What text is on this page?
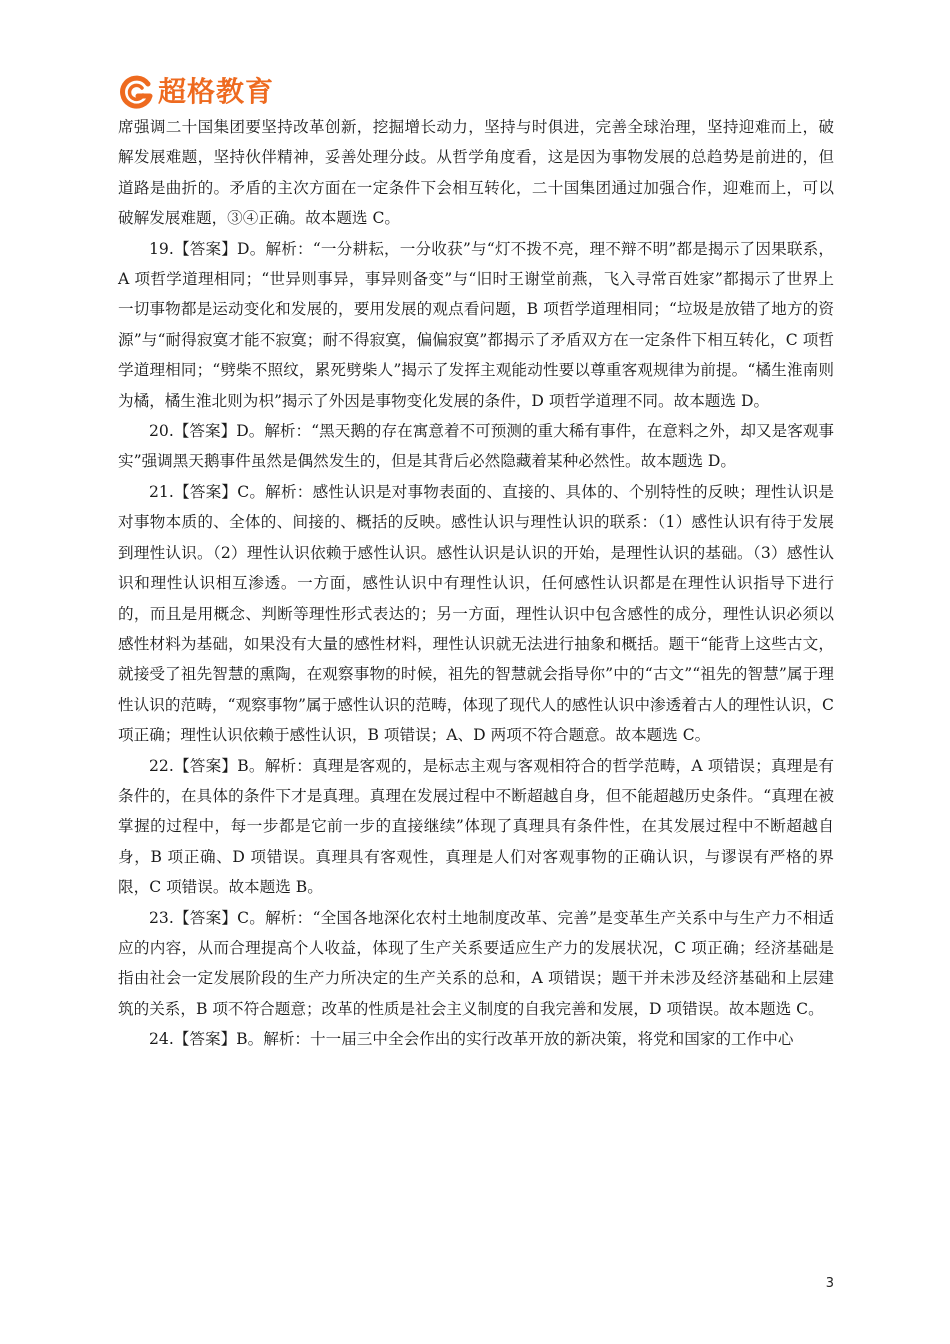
超格教育

席强调二十国集团要坚持改革创新，挖掘增长动力，坚持与时俱进，完善全球治理，坚持迎难而上，破解发展难题，坚持伙伴精神，妥善处理分歧。从哲学角度看，这是因为事物发展的总趋势是前进的，但道路是曲折的。矛盾的主次方面在一定条件下会相互转化，二十国集团通过加强合作，迎难而上，可以破解发展难题，③④正确。故本题选 C。

19.【答案】D。解析：“一分耕耘，一分收获”与“灯不拨不亮，理不辩不明”都是揭示了因果联系，A 项哲学道理相同；“世异则事异，事异则备变”与“旧时王谢堂前燕，飞入寻常百姓家”都揭示了世界上一切事物都是运动变化和发展的，要用发展的观点看问题，B 项哲学道理相同；“垃圾是放错了地方的资源”与“耐得寂寞才能不寂寞；耐不得寂寞，偏偏寂寞”都揭示了矛盾双方在一定条件下相互转化，C 项哲学道理相同；“劈柴不照纹，累死劈柴人”揭示了发挥主观能动性要以尊重客观规律为前提。“橘生淮南则为橘，橘生淮北则为枳”揭示了外因是事物变化发展的条件，D 项哲学道理不同。故本题选 D。

20.【答案】D。解析：“黑天鹅的存在寓意着不可预测的重大稀有事件，在意料之外，却又是客观事实”强调黑天鹅事件虽然是偶然发生的，但是其背后必然隐藏着某种必然性。故本题选 D。

21.【答案】C。解析：感性认识是对事物表面的、直接的、具体的、个别特性的反映；理性认识是对事物本质的、全体的、间接的、概括的反映。感性认识与理性认识的联系：（1）感性认识有待于发展到理性认识。（2）理性认识依赖于感性认识。感性认识是认识的开始，是理性认识的基础。（3）感性认识和理性认识相互渗透。一方面，感性认识中有理性认识，任何感性认识都是在理性认识指导下进行的，而且是用概念、判断等理性形式表达的；另一方面，理性认识中包含感性的成分，理性认识必须以感性材料为基础，如果没有大量的感性材料，理性认识就无法进行抽象和概括。题干“能背上这些古文，就接受了祖先智慧的熏陶，在观察事物的时候，祖先的智慧就会指导你”中的“古文”“祖先的智慧”属于理性认识的范畴，“观察事物”属于感性认识的范畴，体现了现代人的感性认识中渗透着古人的理性认识，C 项正确；理性认识依赖于感性认识，B 项错误；A、D 两项不符合题意。故本题选 C。

22.【答案】B。解析：真理是客观的，是标志主观与客观相符合的哲学范畴，A 项错误；真理是有条件的，在具体的条件下才是真理。真理在发展过程中不断超越自身，但不能超越历史条件。“真理在被掌握的过程中，每一步都是它前一步的直接继续”体现了真理具有条件性，在其发展过程中不断超越自身，B 项正确、D 项错误。真理具有客观性，真理是人们对客观事物的正确认识，与谬误有严格的界限，C 项错误。故本题选 B。

23.【答案】C。解析：“全国各地深化农村土地制度改革、完善”是变革生产关系中与生产力不相适应的内容，从而合理提高个人收益，体现了生产关系要适应生产力的发展状况，C 项正确；经济基础是指由社会一定发展阶段的生产力所决定的生产关系的总和，A 项错误；题干并未涉及经济基础和上层建筑的关系，B 项不符合题意；改革的性质是社会主义制度的自我完善和发展，D 项错误。故本题选 C。

24.【答案】B。解析：十一届三中全会作出的实行改革开放的新决策，将党和国家的工作中心

3
